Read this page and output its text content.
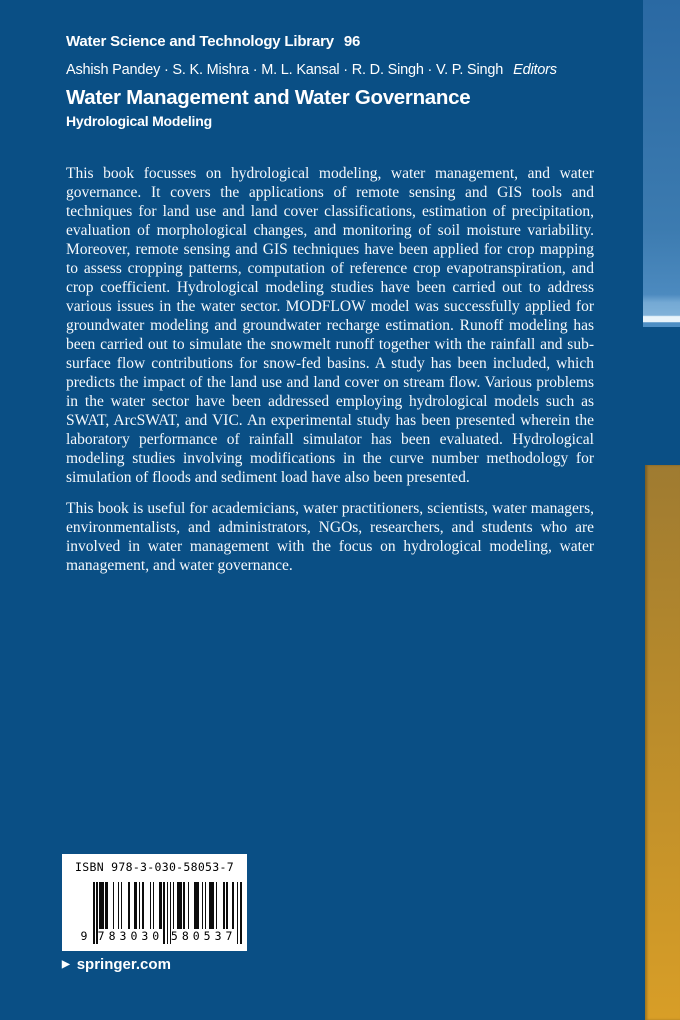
Water Science and Technology Library 96
Ashish Pandey · S. K. Mishra · M. L. Kansal · R. D. Singh · V. P. Singh Editors
Water Management and Water Governance
Hydrological Modeling

This book focusses on hydrological modeling, water management, and water governance. It covers the applications of remote sensing and GIS tools and techniques for land use and land cover classifications, estimation of precipitation, evaluation of morphological changes, and monitoring of soil moisture variability. Moreover, remote sensing and GIS techniques have been applied for crop mapping to assess cropping patterns, computation of reference crop evapotranspiration, and crop coefficient. Hydrological modeling studies have been carried out to address various issues in the water sector. MODFLOW model was successfully applied for groundwater modeling and groundwater recharge estimation. Runoff modeling has been carried out to simulate the snowmelt runoff together with the rainfall and sub-surface flow contributions for snow-fed basins. A study has been included, which predicts the impact of the land use and land cover on stream flow. Various problems in the water sector have been addressed employing hydrological models such as SWAT, ArcSWAT, and VIC. An experimental study has been presented wherein the laboratory performance of rainfall simulator has been evaluated. Hydrological modeling studies involving modifications in the curve number methodology for simulation of floods and sediment load have also been presented.

This book is useful for academicians, water practitioners, scientists, water managers, environmentalists, and administrators, NGOs, researchers, and students who are involved in water management with the focus on hydrological modeling, water management, and water governance.

ISBN 978-3-030-58053-7
9 783030 580537
▶ springer.com
